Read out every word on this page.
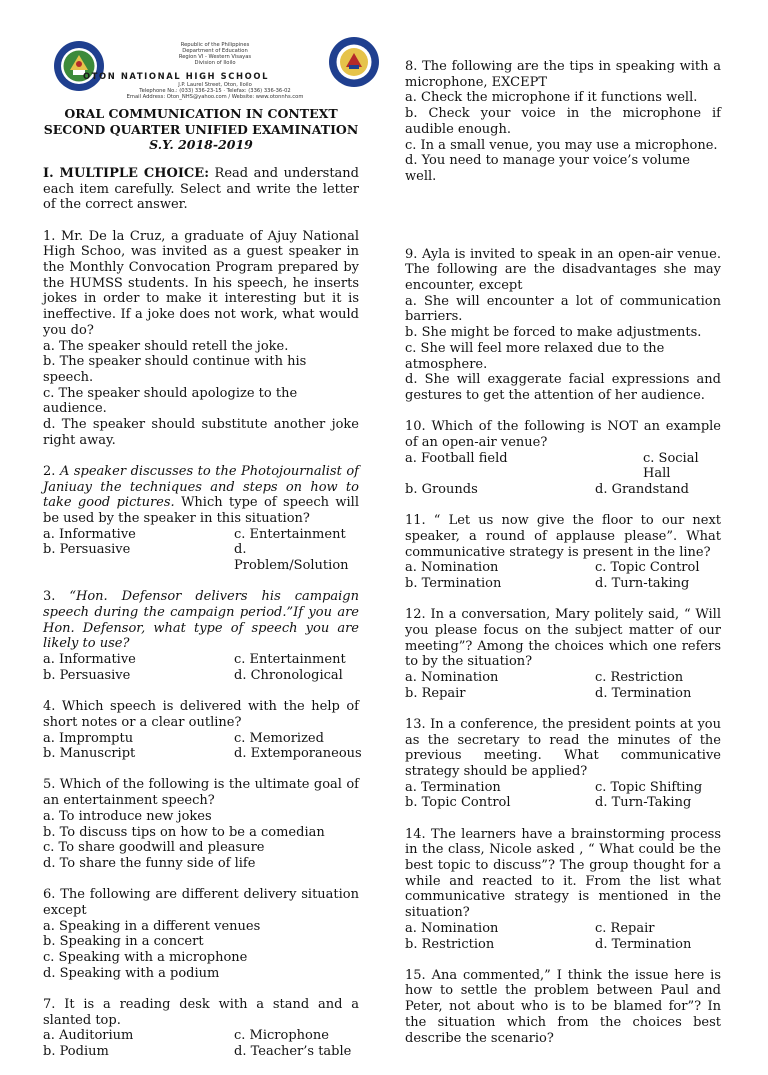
Republic of the Philippines
Department of Education
Region VI - Western Visayas
Division of Iloilo
J.P. Laurel Street, Oton, Iloilo
Telephone No.: (033) 336-23-15 · Telefax: (336) 336-36-02
Email Address: Oton_NHS@yahoo.com / Website: www.otonnhs.com
OTON NATIONAL HIGH SCHOOL
ORAL COMMUNICATION IN CONTEXT
SECOND QUARTER UNIFIED EXAMINATION
S.Y. 2018-2019

I. MULTIPLE CHOICE: Read and understand each item carefully. Select and write the letter of the correct answer.

1. Mr. De la Cruz, a graduate of Ajuy National High Schoo, was invited as a guest speaker in the Monthly Convocation Program prepared by the HUMSS students. In his speech, he inserts jokes in order to make it interesting but it is ineffective. If a joke does not work, what would you do?

a. The speaker should retell the joke.

b. The speaker should continue with his speech.

c. The speaker should apologize to the audience.

d. The speaker should substitute another joke right away.

2. A speaker discusses to the Photojournalist of Janiuay the techniques and steps on how to take good pictures. Which type of speech will be used by the speaker in this situation?

a. Informative	c. Entertainment
b. Persuasive	d. Problem/Solution

3. “Hon. Defensor delivers his campaign speech during the campaign period.”If you are Hon. Defensor, what type of speech you are likely to use?

a. Informative	c. Entertainment
b. Persuasive	d. Chronological

4. Which speech is delivered with the help of short notes or a clear outline?

a. Impromptu	c. Memorized
b. Manuscript	d. Extemporaneous

5. Which of the following is the ultimate goal of an entertainment speech?

a. To introduce new jokes

b. To discuss tips on how to be a comedian

c. To share goodwill and pleasure

d. To share the funny side of life

6. The following are different delivery situation except

a. Speaking in a different venues

b. Speaking in a concert

c. Speaking with a microphone

d. Speaking with a podium

7. It is a reading desk with a stand and a slanted top.

a. Auditorium	c. Microphone
b. Podium	d. Teacher’s table

8. The following are the tips in speaking with a microphone, EXCEPT

a. Check the microphone if it functions well.

b. Check your voice in the microphone if audible enough.

c. In a small venue, you may use a microphone.

d. You need to manage your voice’s volume well.

9. Ayla is invited to speak in an open-air venue. The following are the disadvantages she may encounter, except

a. She will encounter a lot of communication barriers.

b. She might be forced to make adjustments.

c. She will feel more relaxed due to the atmosphere.

d. She will exaggerate facial expressions and gestures to get the attention of her audience.

10. Which of the following is NOT an example of an open-air venue?

a. Football field	c. Social Hall
b. Grounds	d. Grandstand

11. “ Let us now give the floor to our next speaker, a round of applause please”. What communicative strategy is present in the line?

a. Nomination	c. Topic Control
b. Termination	d. Turn-taking

12. In a conversation, Mary politely said, “ Will you please focus on the subject matter of our meeting”? Among the choices which one refers to by the situation?

a. Nomination	c. Restriction
b. Repair	d. Termination

13. In a conference, the president points at you as the secretary to read the minutes of the previous meeting. What communicative strategy should be applied?

a. Termination	c. Topic Shifting
b. Topic Control	d. Turn-Taking

14. The learners have a brainstorming process in the class, Nicole asked , “ What could be the best topic to discuss”? The group thought for a while and reacted to it. From the list what communicative strategy is mentioned in the situation?

a. Nomination	c. Repair
b. Restriction	d. Termination

15. Ana commented,” I think the issue here is how to settle the problem between Paul and Peter, not about who is to be blamed for”? In the situation which from the choices best describe the scenario?
